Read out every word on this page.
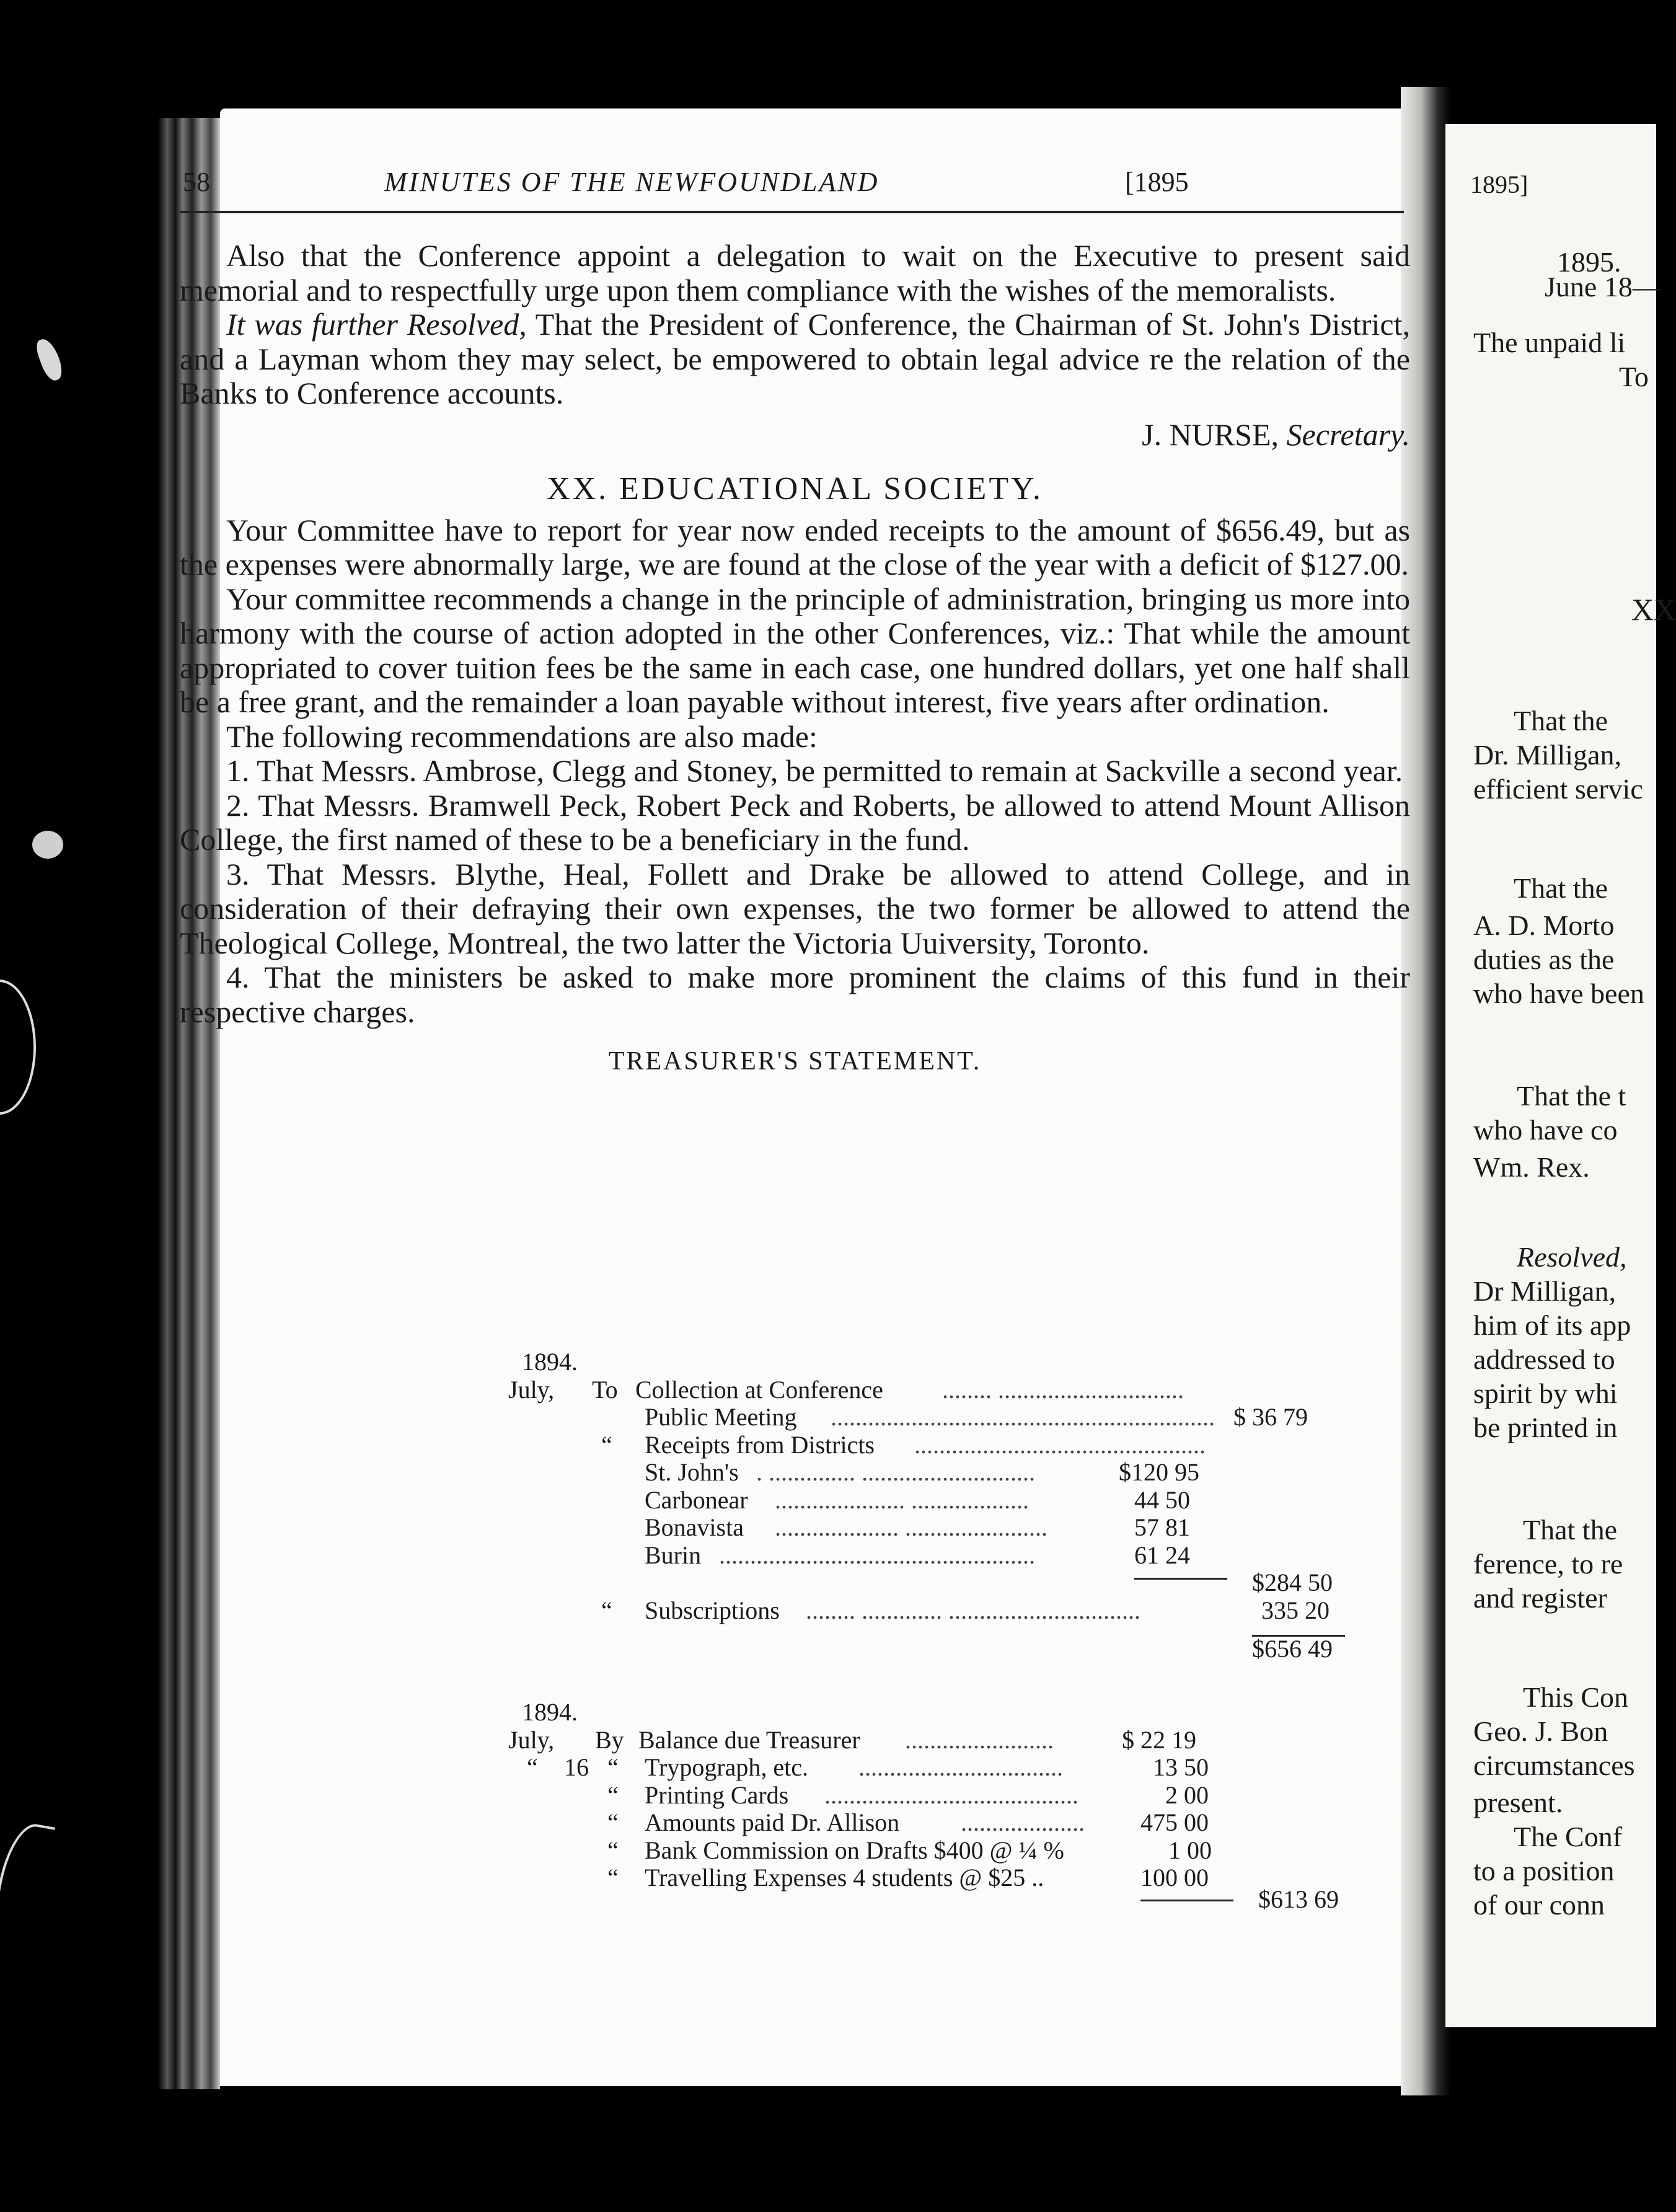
58	MINUTES OF THE NEWFOUNDLAND	[1895

Also that the Conference appoint a delegation to wait on the Executive to present said memorial and to respectfully urge upon them compliance with the wishes of the memoralists.

It was further Resolved, That the President of Conference, the Chairman of St. John's District, and a Layman whom they may select, be empowered to obtain legal advice re the relation of the Banks to Conference accounts.

J. NURSE, Secretary.

XX. EDUCATIONAL SOCIETY.

Your Committee have to report for year now ended receipts to the amount of $656.49, but as the expenses were abnormally large, we are found at the close of the year with a deficit of $127.00.

Your committee recommends a change in the principle of administration, bringing us more into harmony with the course of action adopted in the other Conferences, viz.: That while the amount appropriated to cover tuition fees be the same in each case, one hundred dollars, yet one half shall be a free grant, and the remainder a loan payable without interest, five years after ordination.

The following recommendations are also made:

1. That Messrs. Ambrose, Clegg and Stoney, be permitted to remain at Sackville a second year.

2. That Messrs. Bramwell Peck, Robert Peck and Roberts, be allowed to attend Mount Allison College, the first named of these to be a beneficiary in the fund.

3. That Messrs. Blythe, Heal, Follett and Drake be allowed to attend College, and in consideration of their defraying their own expenses, the two former be allowed to attend the Theological College, Montreal, the two latter the Victoria Uuiversity, Toronto.

4. That the ministers be asked to make more prominent the claims of this fund in their respective charges.

TREASURER'S STATEMENT.
1894.
July, To Collection at Conference ........ ..............................
Public Meeting .............................................................. $ 36 79
“ Receipts from Districts ...............................................
St. John's . .............. ............................	$120 95
Carbonear ..................... ...................	44 50
Bonavista .................... .......................	57 81
Burin ...................................................	61 24
$284 50
“ Subscriptions ........ ............. ...............................	335 20
$656 49
1894.
July, By Balance due Treasurer ........................	$ 22 19
“ 16 “ Trypograph, etc. .................................	13 50
“ Printing Cards .........................................	2 00
“ Amounts paid Dr. Allison ....................	475 00
“ Bank Commission on Drafts $400 @ ¼ %	1 00
“ Travelling Expenses 4 students @ $25 ..	100 00
$613 69
1895]
1895.
June 18—
The unpaid li
To
XX
That the
Dr. Milligan,
efficient servic
That the
A. D. Morto
duties as the
who have been
That the t
who have co
Wm. Rex.
Resolved,
Dr Milligan,
him of its app
addressed to
spirit by whi
be printed in
That the
ference, to re
and register
This Con
Geo. J. Bon
circumstances
present.
The Conf
to a position
of our conn
